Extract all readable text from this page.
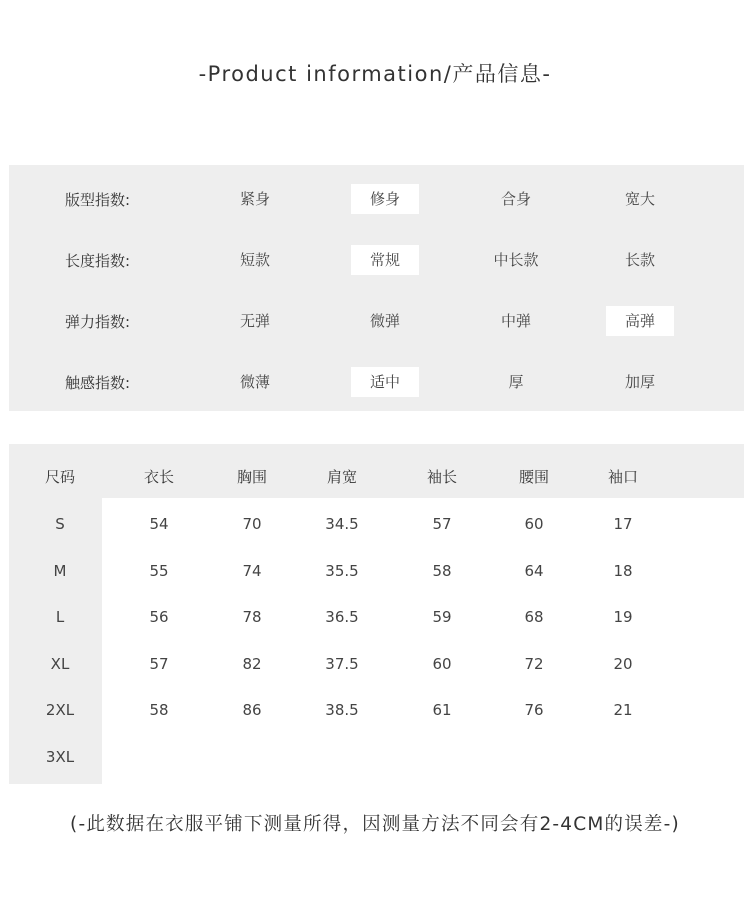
-Product information/产品信息-
版型指数:	紧身	修身	合身	宽大
长度指数:	短款	常规	中长款	长款
弹力指数:	无弹	微弹	中弹	高弹
触感指数:	微薄	适中	厚	加厚
尺码	衣长	胸围	肩宽	袖长	腰围	袖口
S	54	70	34.5	57	60	17
M	55	74	35.5	58	64	18
L	56	78	36.5	59	68	19
XL	57	82	37.5	60	72	20
2XL	58	86	38.5	61	76	21
3XL
(-此数据在衣服平铺下测量所得，因测量方法不同会有2-4CM的误差-)
